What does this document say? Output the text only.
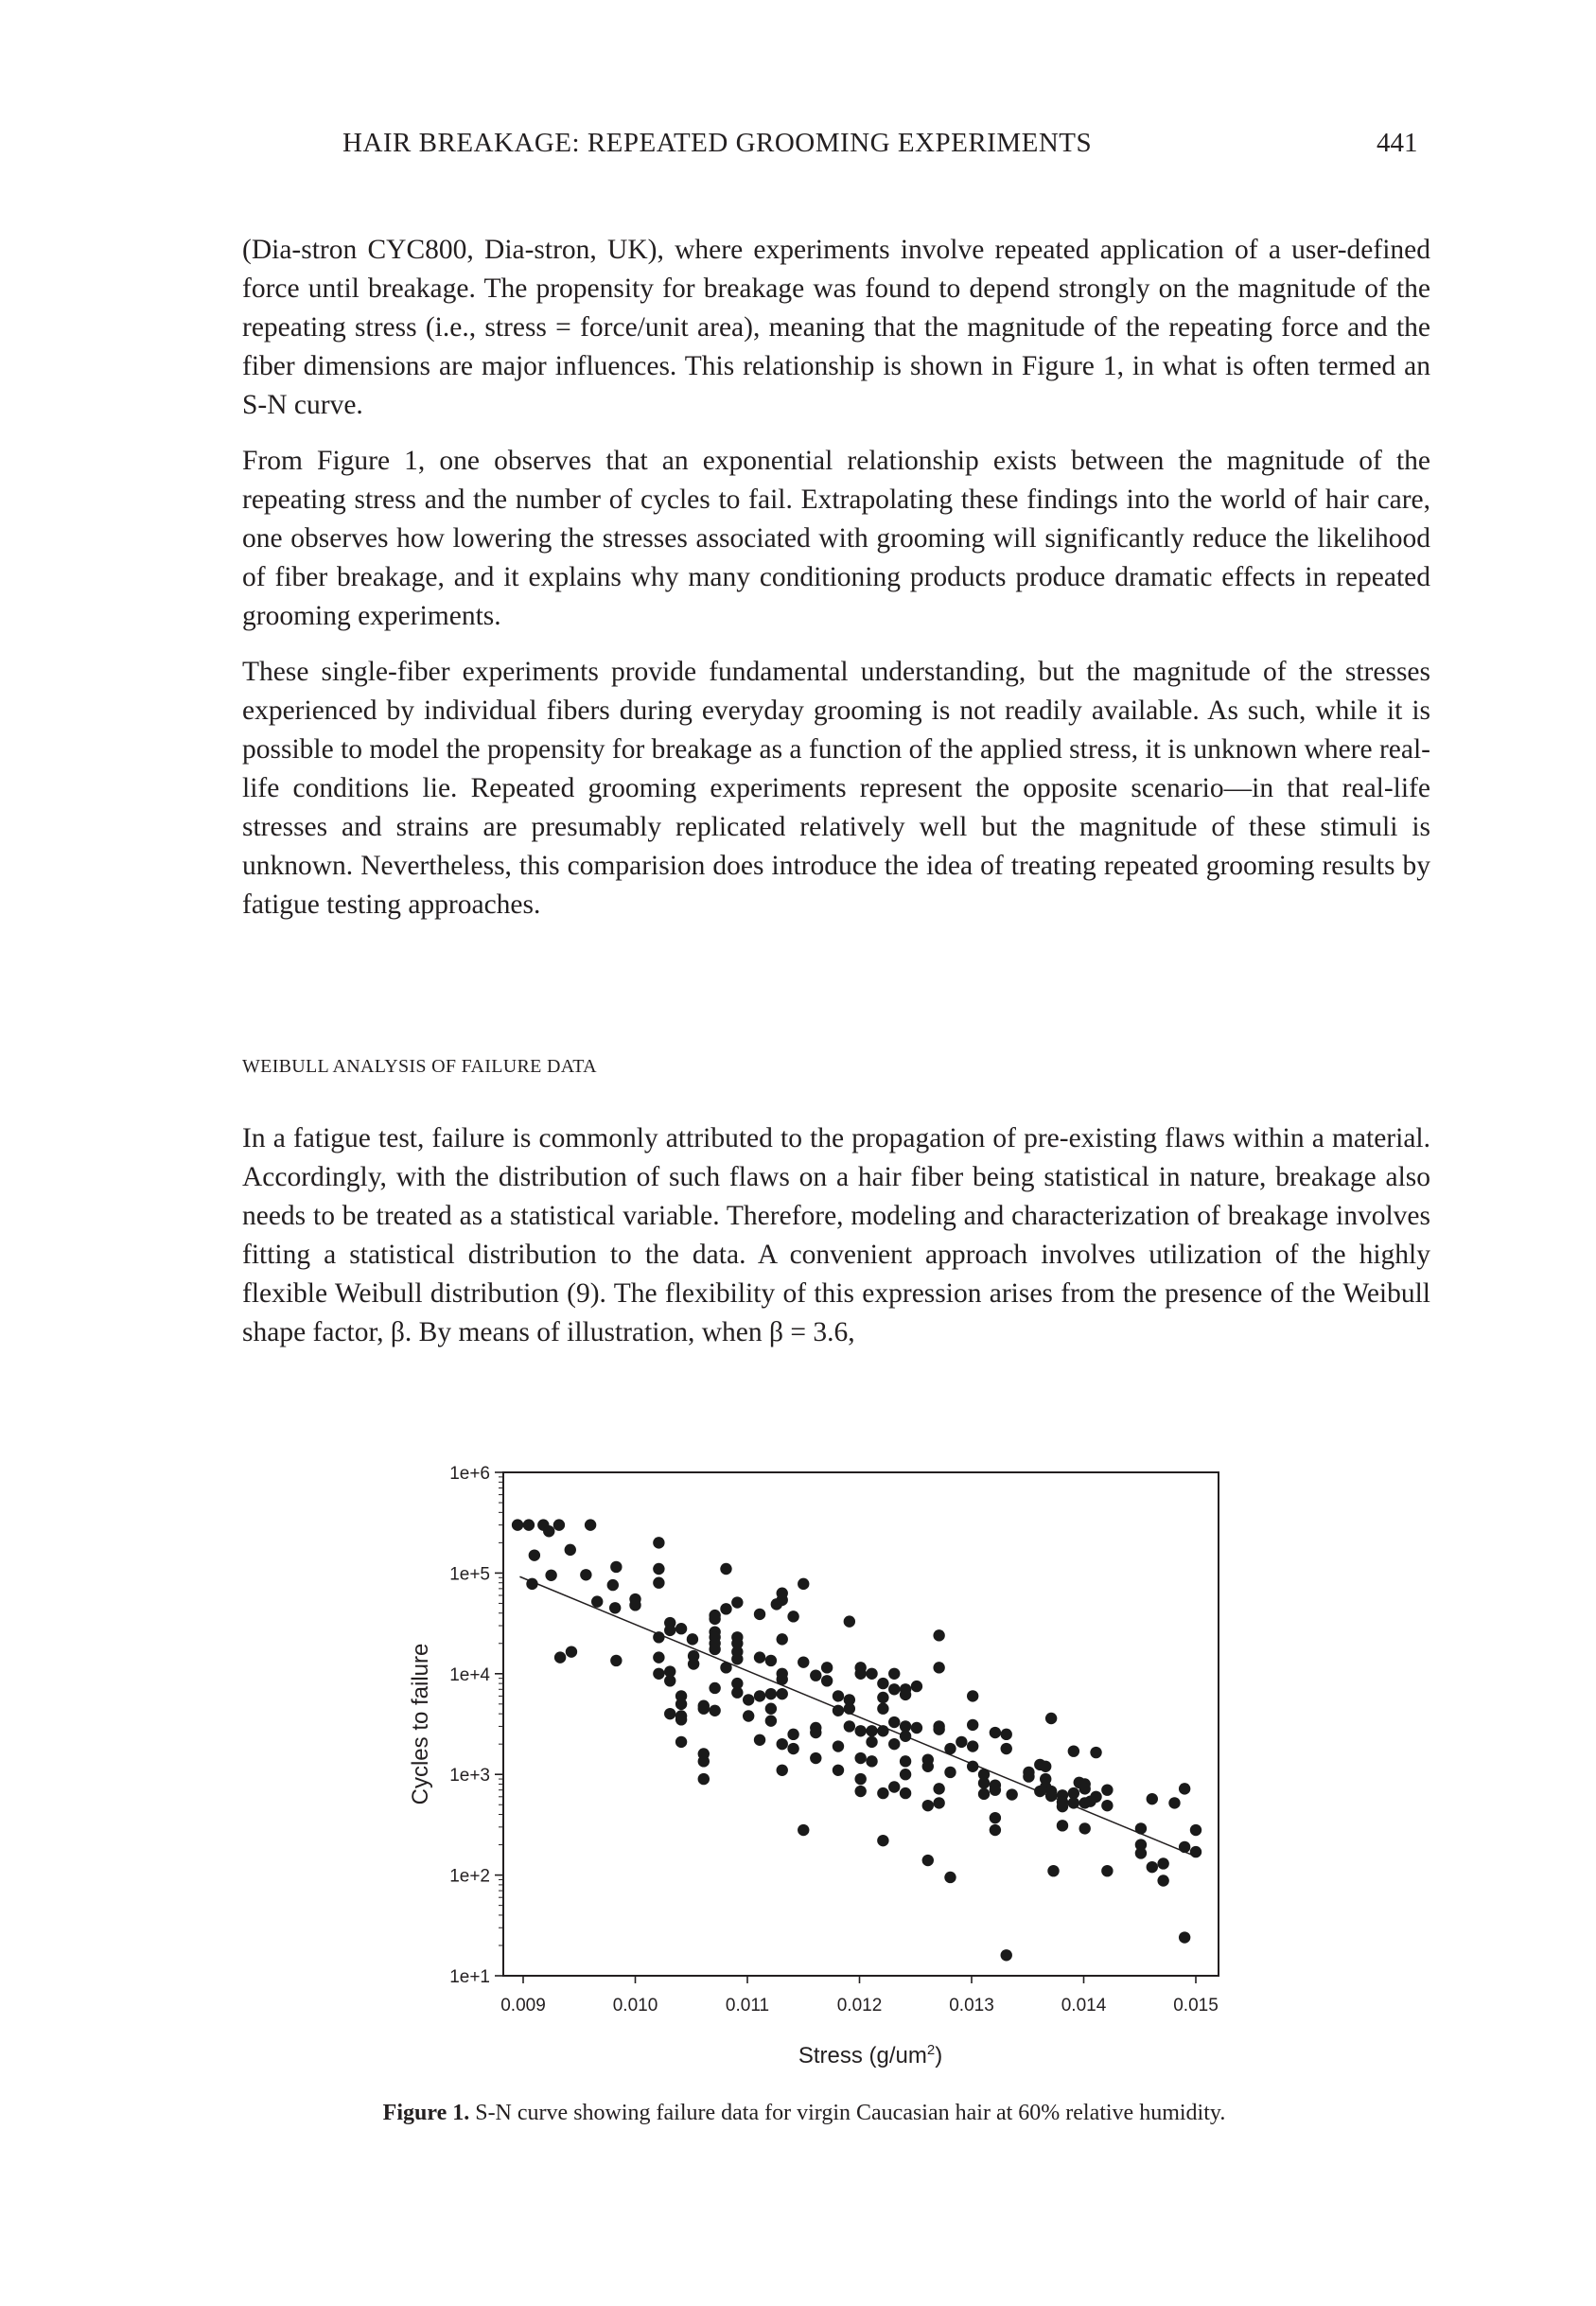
HAIR BREAKAGE: REPEATED GROOMING EXPERIMENTS	441

(Dia-stron CYC800, Dia-stron, UK), where experiments involve repeated application of a user-defined force until breakage. The propensity for breakage was found to depend strongly on the magnitude of the repeating stress (i.e., stress = force/unit area), meaning that the magnitude of the repeating force and the fiber dimensions are major influences. This relationship is shown in Figure 1, in what is often termed an S-N curve.

From Figure 1, one observes that an exponential relationship exists between the magnitude of the repeating stress and the number of cycles to fail. Extrapolating these findings into the world of hair care, one observes how lowering the stresses associated with grooming will significantly reduce the likelihood of fiber breakage, and it explains why many conditioning products produce dramatic effects in repeated grooming experiments.

These single-fiber experiments provide fundamental understanding, but the magnitude of the stresses experienced by individual fibers during everyday grooming is not readily available. As such, while it is possible to model the propensity for breakage as a function of the applied stress, it is unknown where real-life conditions lie. Repeated grooming experiments represent the opposite scenario—in that real-life stresses and strains are presumably replicated relatively well but the magnitude of these stimuli is unknown. Nevertheless, this comparision does introduce the idea of treating repeated grooming results by fatigue testing approaches.

WEIBULL ANALYSIS OF FAILURE DATA

In a fatigue test, failure is commonly attributed to the propagation of pre-existing flaws within a material. Accordingly, with the distribution of such flaws on a hair fiber being statistical in nature, breakage also needs to be treated as a statistical variable. Therefore, modeling and characterization of breakage involves fitting a statistical distribution to the data. A convenient approach involves utilization of the highly flexible Weibull distribution (9). The flexibility of this expression arises from the presence of the Weibull shape factor, β. By means of illustration, when β = 3.6,

1e+1
1e+2
1e+3
1e+4
1e+5
1e+6
0.009	0.010	0.011	0.012	0.013	0.014	0.015
Cycles to failure
Stress $(g/um^2)$
Figure 1. S-N curve showing failure data for virgin Caucasian hair at 60% relative humidity.
